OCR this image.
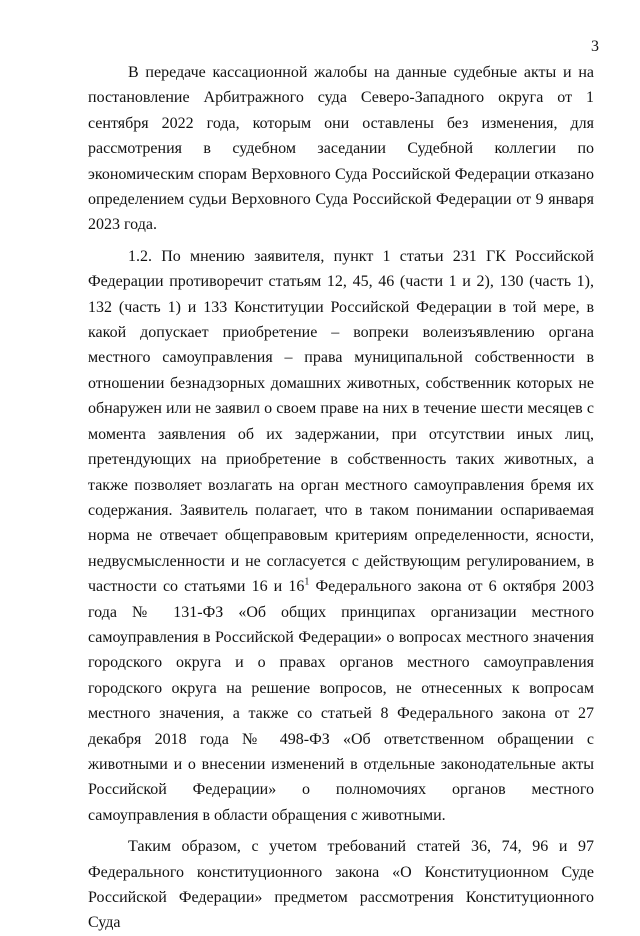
3

В передаче кассационной жалобы на данные судебные акты и на постановление Арбитражного суда Северо-Западного округа от 1 сентября 2022 года, которым они оставлены без изменения, для рассмотрения в судебном заседании Судебной коллегии по экономическим спорам Верховного Суда Российской Федерации отказано определением судьи Верховного Суда Российской Федерации от 9 января 2023 года.

1.2. По мнению заявителя, пункт 1 статьи 231 ГК Российской Федерации противоречит статьям 12, 45, 46 (части 1 и 2), 130 (часть 1), 132 (часть 1) и 133 Конституции Российской Федерации в той мере, в какой допускает приобретение – вопреки волеизъявлению органа местного самоуправления – права муниципальной собственности в отношении безнадзорных домашних животных, собственник которых не обнаружен или не заявил о своем праве на них в течение шести месяцев с момента заявления об их задержании, при отсутствии иных лиц, претендующих на приобретение в собственность таких животных, а также позволяет возлагать на орган местного самоуправления бремя их содержания. Заявитель полагает, что в таком понимании оспариваемая норма не отвечает общеправовым критериям определенности, ясности, недвусмысленности и не согласуется с действующим регулированием, в частности со статьями 16 и $16^1$ Федерального закона от 6 октября 2003 года № 131-ФЗ «Об общих принципах организации местного самоуправления в Российской Федерации» о вопросах местного значения городского округа и о правах органов местного самоуправления городского округа на решение вопросов, не отнесенных к вопросам местного значения, а также со статьей 8 Федерального закона от 27 декабря 2018 года № 498-ФЗ «Об ответственном обращении с животными и о внесении изменений в отдельные законодательные акты Российской Федерации» о полномочиях органов местного самоуправления в области обращения с животными.

Таким образом, с учетом требований статей 36, 74, 96 и 97 Федерального конституционного закона «О Конституционном Суде Российской Федерации» предметом рассмотрения Конституционного Суда
